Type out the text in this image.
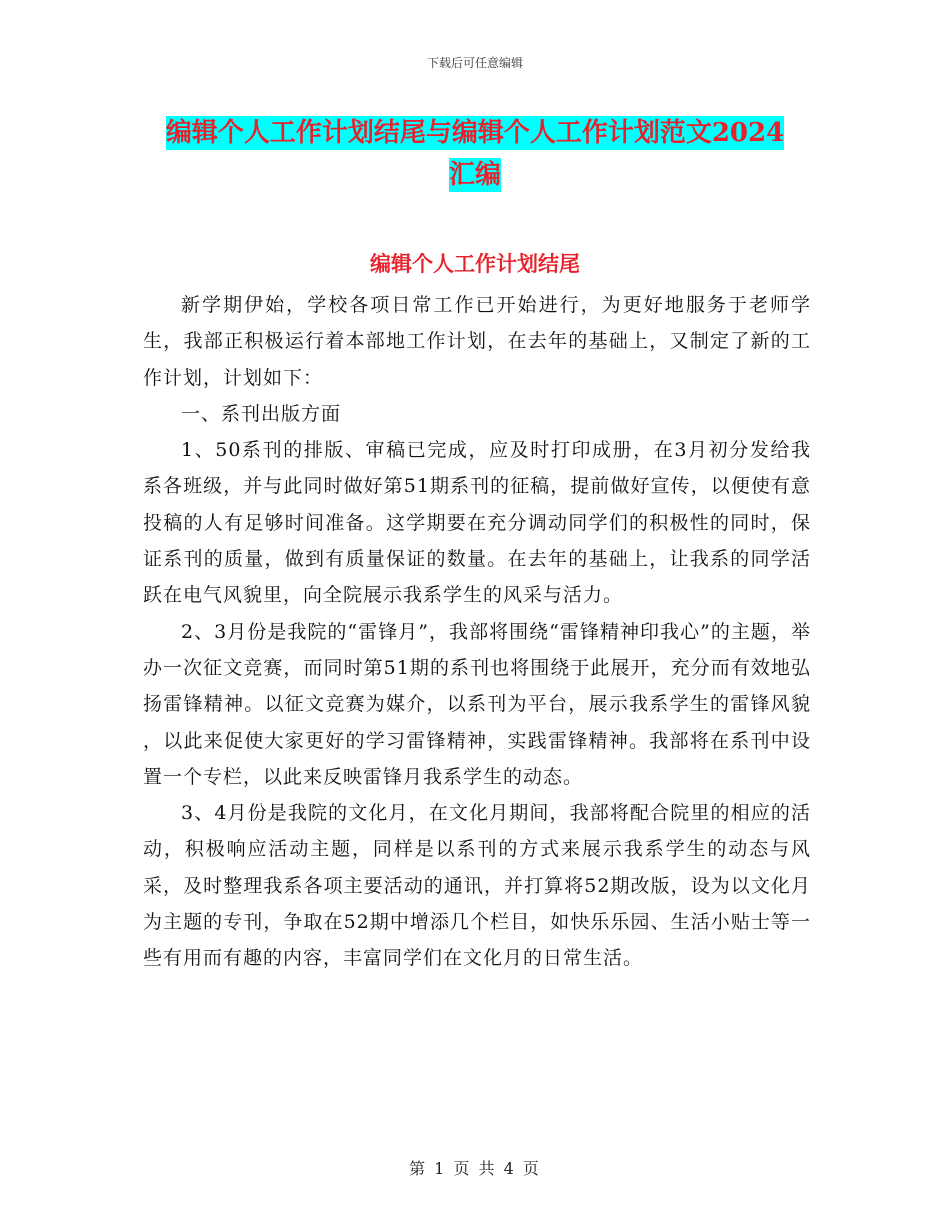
下载后可任意编辑
编辑个人工作计划结尾与编辑个人工作计划范文2024
汇编
编辑个人工作计划结尾

新学期伊始，学校各项日常工作已开始进行，为更好地服务于老师学生，我部正积极运行着本部地工作计划，在去年的基础上，又制定了新的工作计划，计划如下：

一、系刊出版方面

1、50系刊的排版、审稿已完成，应及时打印成册，在3月初分发给我系各班级，并与此同时做好第51期系刊的征稿，提前做好宣传，以便使有意投稿的人有足够时间准备。这学期要在充分调动同学们的积极性的同时，保证系刊的质量，做到有质量保证的数量。在去年的基础上，让我系的同学活跃在电气风貌里，向全院展示我系学生的风采与活力。

2、3月份是我院的“雷锋月”，我部将围绕“雷锋精神印我心”的主题，举办一次征文竞赛，而同时第51期的系刊也将围绕于此展开，充分而有效地弘扬雷锋精神。以征文竞赛为媒介，以系刊为平台，展示我系学生的雷锋风貌 ，以此来促使大家更好的学习雷锋精神，实践雷锋精神。我部将在系刊中设置一个专栏，以此来反映雷锋月我系学生的动态。

3、4月份是我院的文化月，在文化月期间，我部将配合院里的相应的活动，积极响应活动主题，同样是以系刊的方式来展示我系学生的动态与风采，及时整理我系各项主要活动的通讯，并打算将52期改版，设为以文化月为主题的专刊，争取在52期中增添几个栏目，如快乐乐园、生活小贴士等一些有用而有趣的内容，丰富同学们在文化月的日常生活。

第 1 页 共 4 页
